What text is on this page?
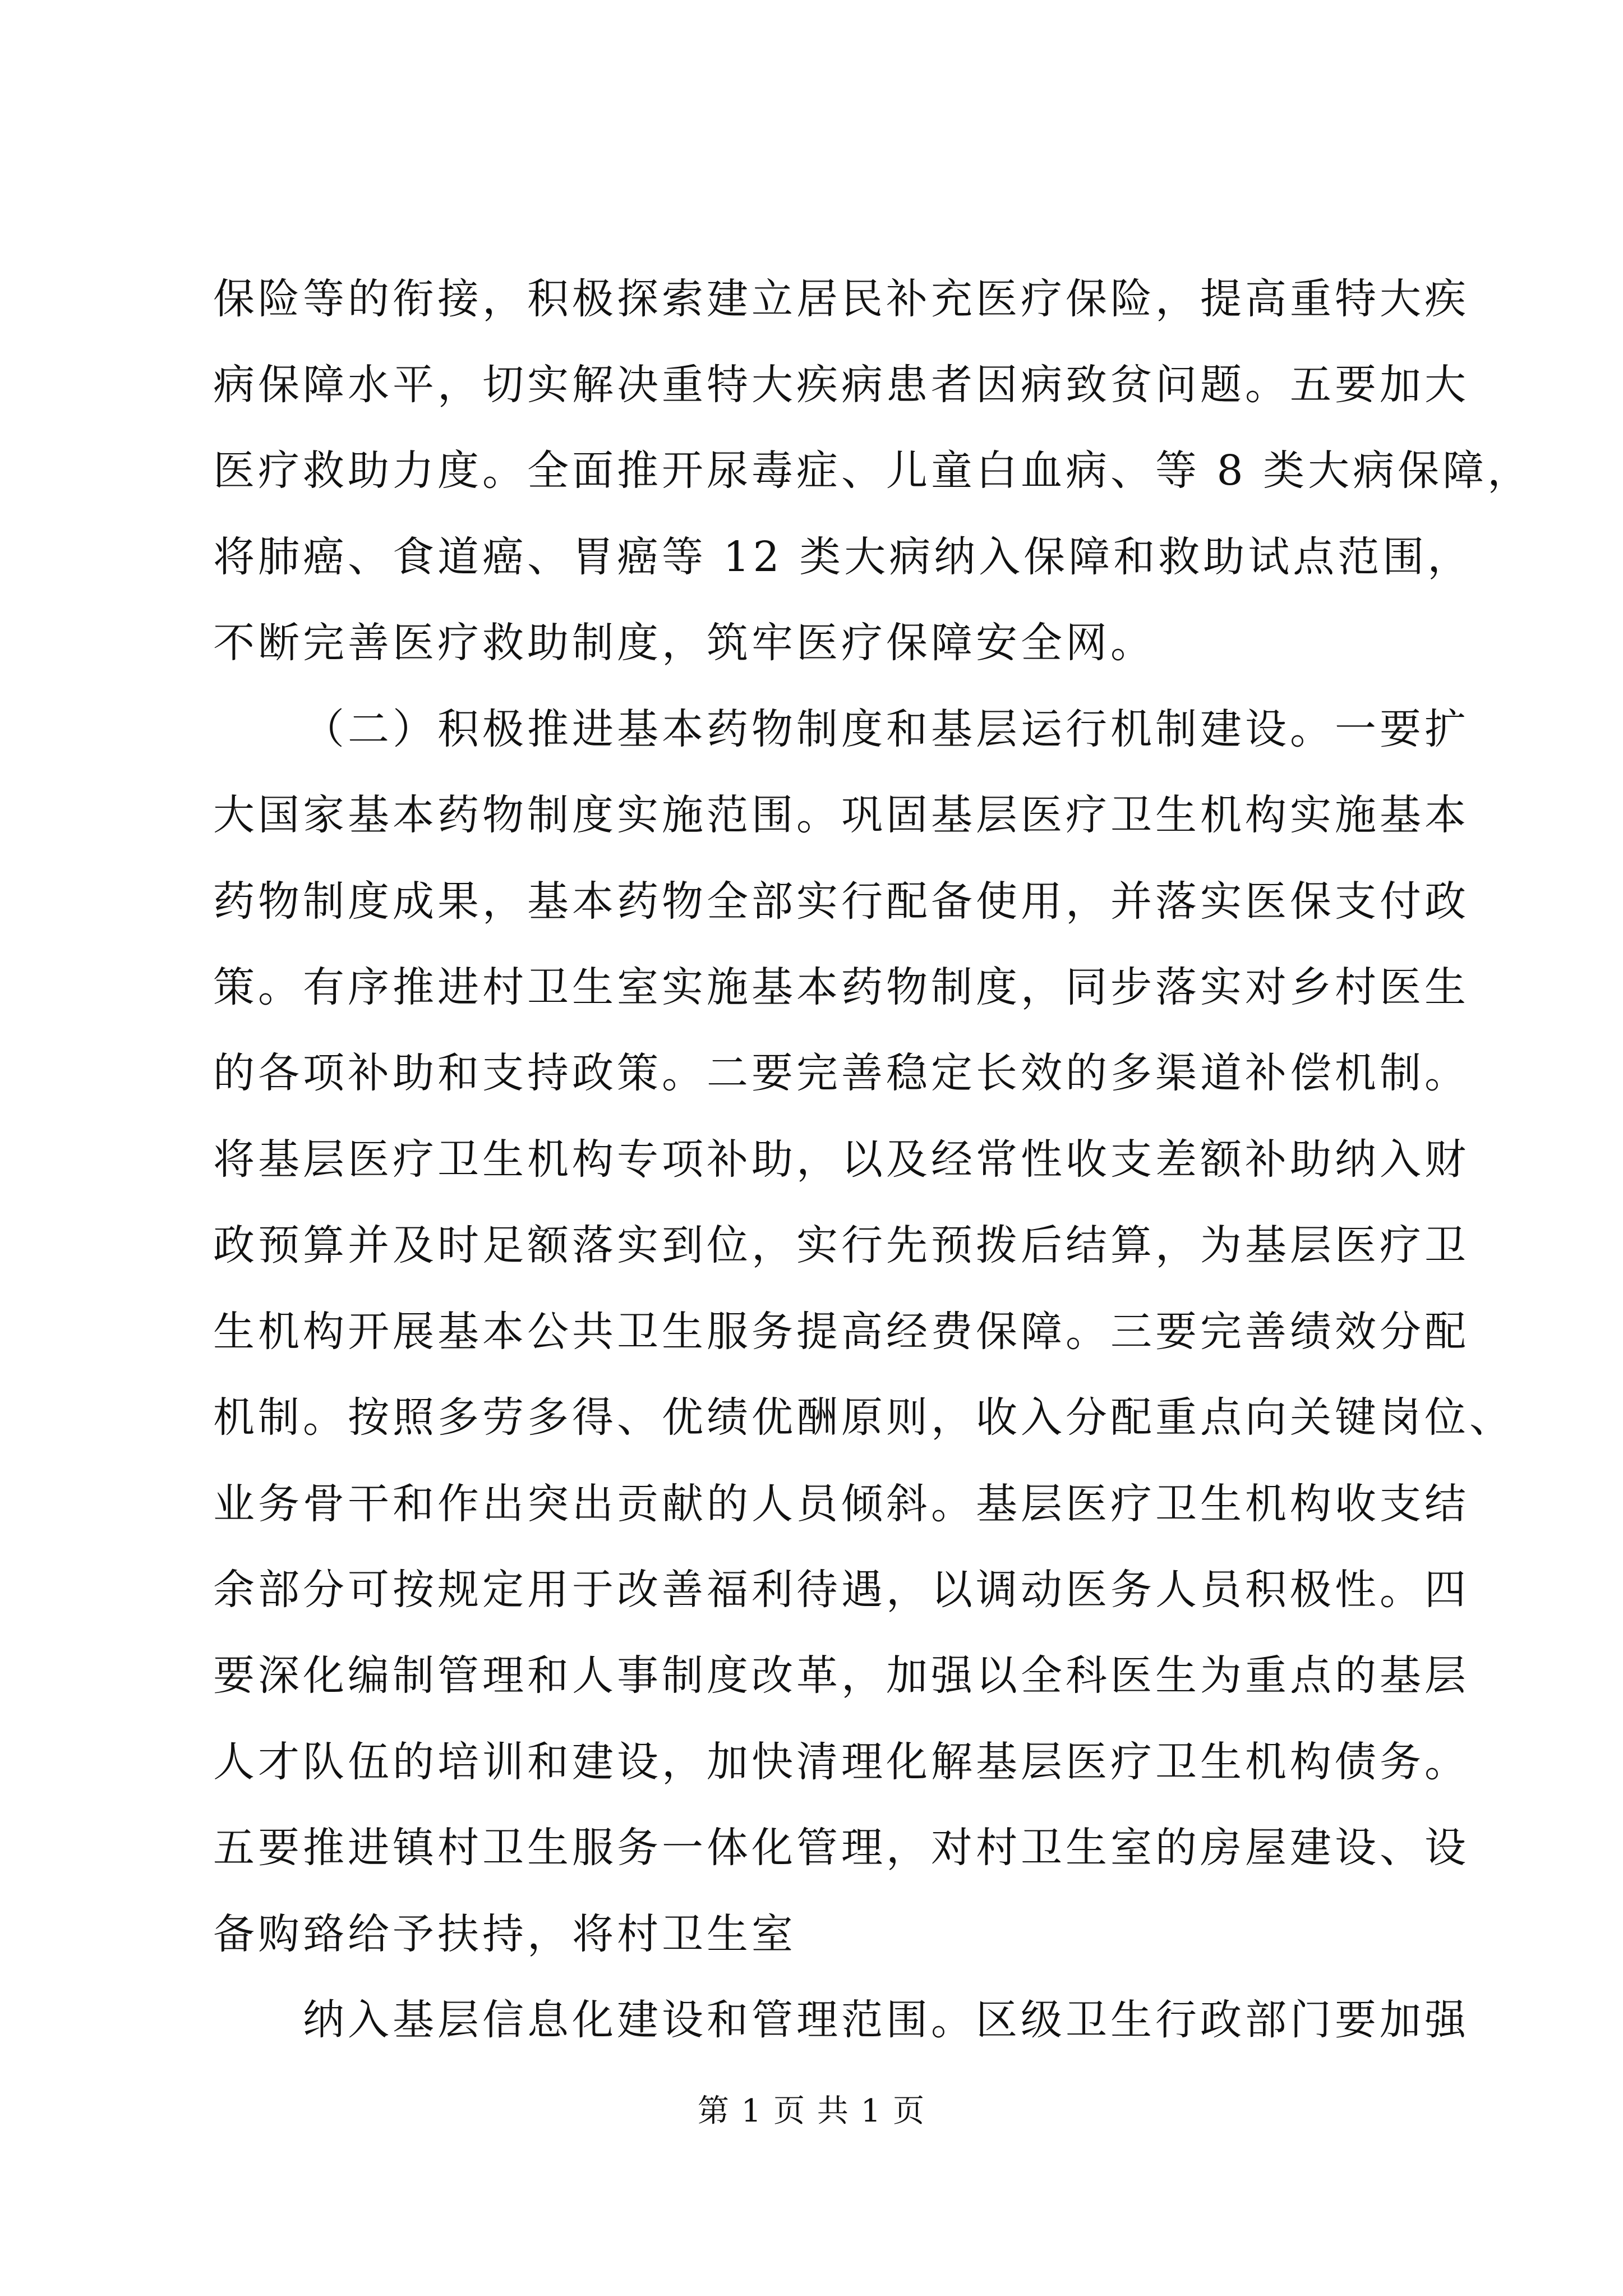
保险等的衔接，积极探索建立居民补充医疗保险，提高重特大疾
病保障水平，切实解决重特大疾病患者因病致贫问题。五要加大
医疗救助力度。全面推开尿毒症、儿童白血病、等 8 类大病保障，
将肺癌、食道癌、胃癌等 12 类大病纳入保障和救助试点范围，
不断完善医疗救助制度，筑牢医疗保障安全网。
（二）积极推进基本药物制度和基层运行机制建设。一要扩
大国家基本药物制度实施范围。巩固基层医疗卫生机构实施基本
药物制度成果，基本药物全部实行配备使用，并落实医保支付政
策。有序推进村卫生室实施基本药物制度，同步落实对乡村医生
的各项补助和支持政策。二要完善稳定长效的多渠道补偿机制。
将基层医疗卫生机构专项补助，以及经常性收支差额补助纳入财
政预算并及时足额落实到位，实行先预拨后结算，为基层医疗卫
生机构开展基本公共卫生服务提高经费保障。三要完善绩效分配
机制。按照多劳多得、优绩优酬原则，收入分配重点向关键岗位、
业务骨干和作出突出贡献的人员倾斜。基层医疗卫生机构收支结
余部分可按规定用于改善福利待遇，以调动医务人员积极性。四
要深化编制管理和人事制度改革，加强以全科医生为重点的基层
人才队伍的培训和建设，加快清理化解基层医疗卫生机构债务。
五要推进镇村卫生服务一体化管理，对村卫生室的房屋建设、设
备购臵给予扶持，将村卫生室
纳入基层信息化建设和管理范围。区级卫生行政部门要加强
第 1 页 共 1 页
